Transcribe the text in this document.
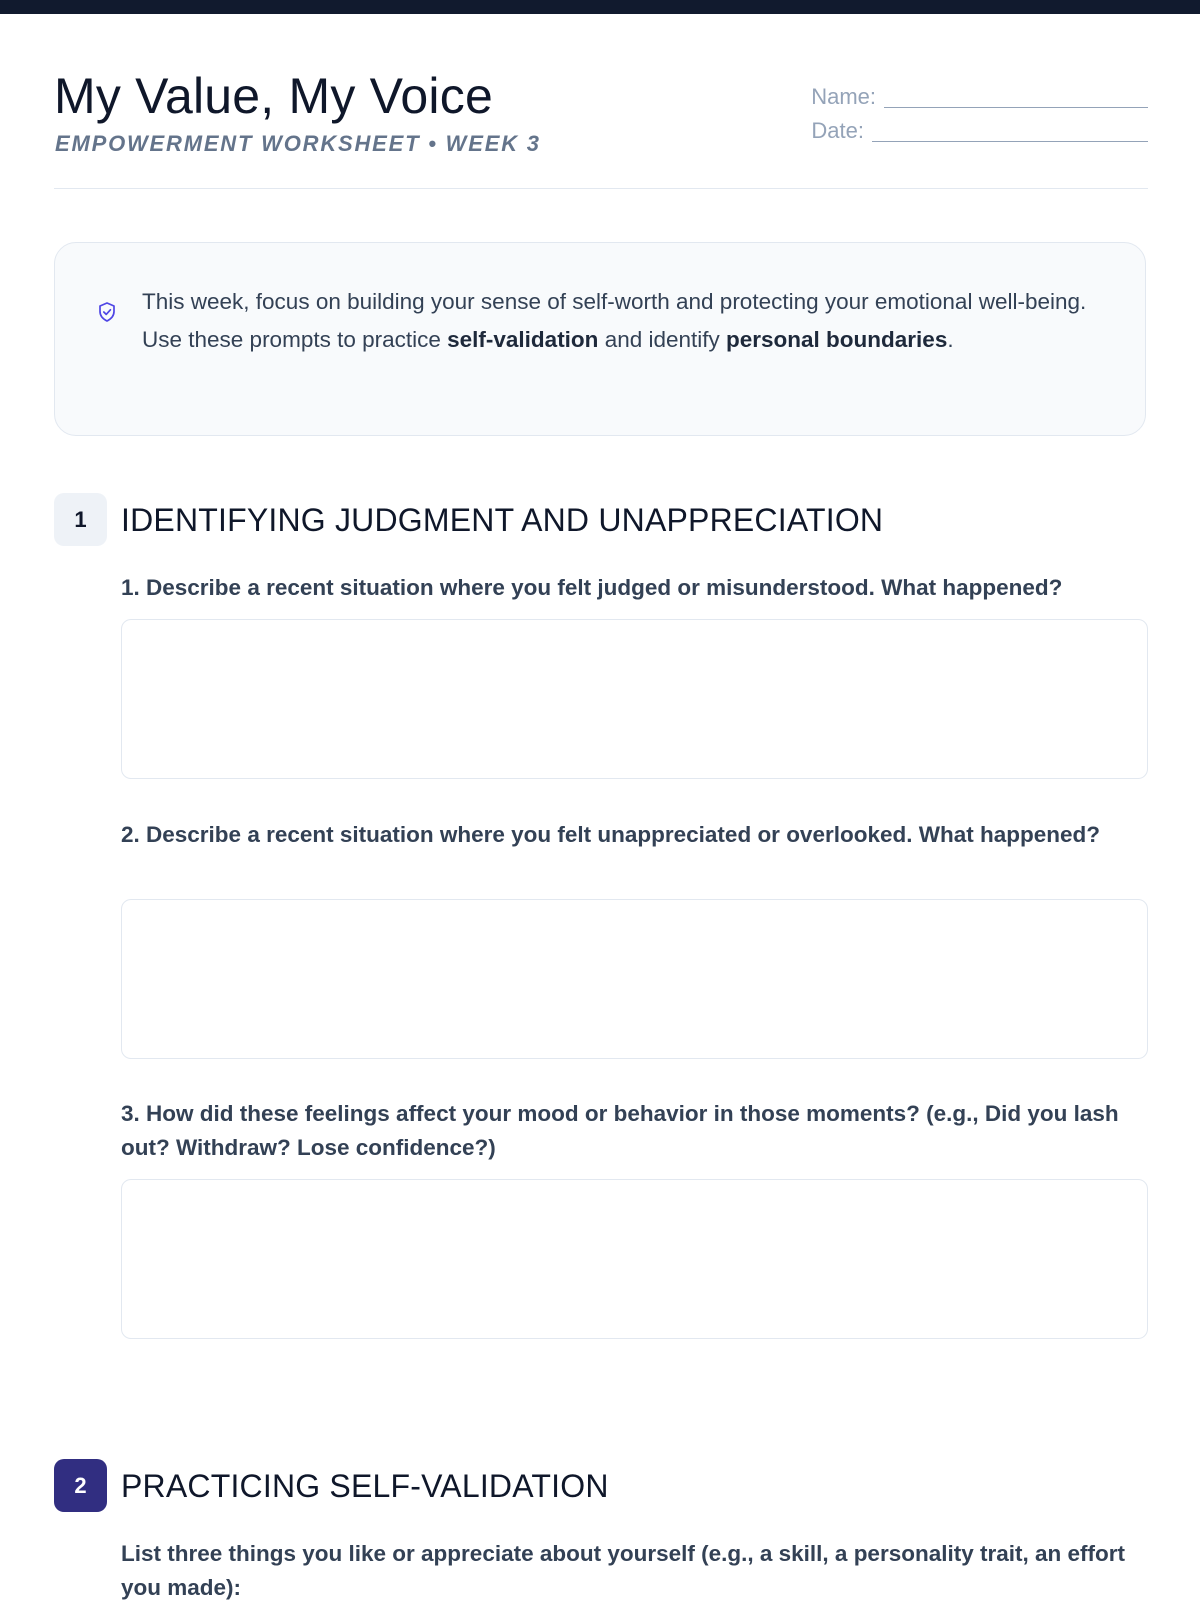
My Value, My Voice
EMPOWERMENT WORKSHEET • WEEK 3
Name:
Date:

This week, focus on building your sense of self-worth and protecting your emotional well-being. Use these prompts to practice self-validation and identify personal boundaries.

1	IDENTIFYING JUDGMENT AND UNAPPRECIATION

1. Describe a recent situation where you felt judged or misunderstood. What happened?

2. Describe a recent situation where you felt unappreciated or overlooked. What happened?

3. How did these feelings affect your mood or behavior in those moments? (e.g., Did you lash out? Withdraw? Lose confidence?)

2	PRACTICING SELF-VALIDATION

List three things you like or appreciate about yourself (e.g., a skill, a personality trait, an effort you made):
